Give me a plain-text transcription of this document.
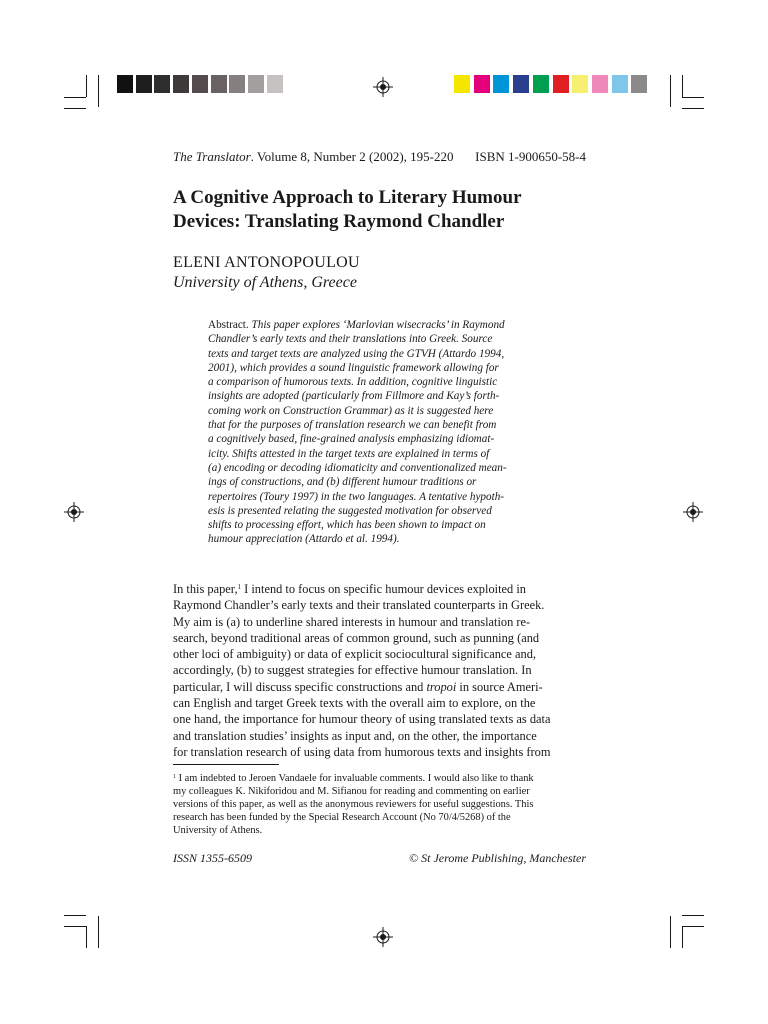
The Translator. Volume 8, Number 2 (2002), 195-220 ISBN 1-900650-58-4
A Cognitive Approach to Literary Humour
Devices: Translating Raymond Chandler
ELENI ANTONOPOULOU
University of Athens, Greece
Abstract. This paper explores ‘Marlovian wisecracks’ in Raymond
Chandler’s early texts and their translations into Greek. Source
texts and target texts are analyzed using the GTVH (Attardo 1994,
2001), which provides a sound linguistic framework allowing for
a comparison of humorous texts. In addition, cognitive linguistic
insights are adopted (particularly from Fillmore and Kay’s forth-
coming work on Construction Grammar) as it is suggested here
that for the purposes of translation research we can benefit from
a cognitively based, fine-grained analysis emphasizing idiomat-
icity. Shifts attested in the target texts are explained in terms of
(a) encoding or decoding idiomaticity and conventionalized mean-
ings of constructions, and (b) different humour traditions or
repertoires (Toury 1997) in the two languages. A tentative hypoth-
esis is presented relating the suggested motivation for observed
shifts to processing effort, which has been shown to impact on
humour appreciation (Attardo et al. 1994).
In this paper,$^1$ I intend to focus on specific humour devices exploited in
Raymond Chandler’s early texts and their translated counterparts in Greek.
My aim is (a) to underline shared interests in humour and translation re-
search, beyond traditional areas of common ground, such as punning (and
other loci of ambiguity) or data of explicit sociocultural significance and,
accordingly, (b) to suggest strategies for effective humour translation. In
particular, I will discuss specific constructions and tropoi in source Ameri-
can English and target Greek texts with the overall aim to explore, on the
one hand, the importance for humour theory of using translated texts as data
and translation studies’ insights as input and, on the other, the importance
for translation research of using data from humorous texts and insights from
$^1$ I am indebted to Jeroen Vandaele for invaluable comments. I would also like to thank
my colleagues K. Nikiforidou and M. Sifianou for reading and commenting on earlier
versions of this paper, as well as the anonymous reviewers for useful suggestions. This
research has been funded by the Special Research Account (No 70/4/5268) of the
University of Athens.
ISSN 1355-6509	© St Jerome Publishing, Manchester
